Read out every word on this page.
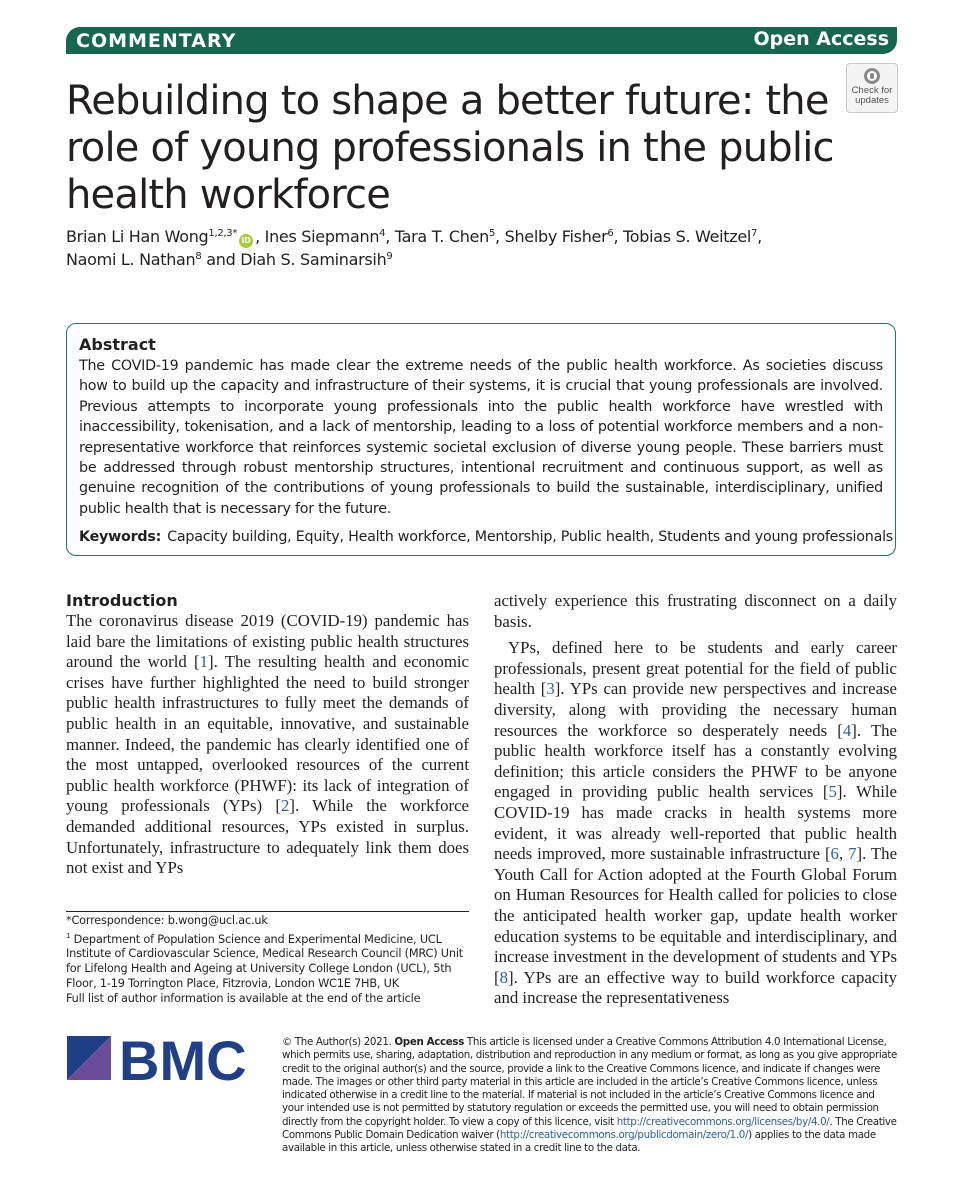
COMMENTARY	Open Access
Check for updates
Rebuilding to shape a better future: the role of young professionals in the public health workforce
Brian Li Han Wong$^{1,2,3*}$iD , Ines Siepmann$^4$, Tara T. Chen$^5$, Shelby Fisher$^6$, Tobias S. Weitzel$^7$,
Naomi L. Nathan$^8$ and Diah S. Saminarsih$^9$
Abstract
The COVID-19 pandemic has made clear the extreme needs of the public health workforce. As societies discuss how to build up the capacity and infrastructure of their systems, it is crucial that young professionals are involved. Previous attempts to incorporate young professionals into the public health workforce have wrestled with inaccessibility, tokenisation, and a lack of mentorship, leading to a loss of potential workforce members and a non-representative workforce that reinforces systemic societal exclusion of diverse young people. These barriers must be addressed through robust mentorship structures, intentional recruitment and continuous support, as well as genuine recognition of the contributions of young professionals to build the sustainable, interdisciplinary, unified public health that is necessary for the future.
Keywords: Capacity building, Equity, Health workforce, Mentorship, Public health, Students and young professionals
Introduction

The coronavirus disease 2019 (COVID-19) pandemic has laid bare the limitations of existing public health structures around the world [1]. The resulting health and economic crises have further highlighted the need to build stronger public health infrastructures to fully meet the demands of public health in an equitable, innovative, and sustainable manner. Indeed, the pandemic has clearly identified one of the most untapped, overlooked resources of the current public health workforce (PHWF): its lack of integration of young professionals (YPs) [2]. While the workforce demanded additional resources, YPs existed in surplus. Unfortunately, infrastructure to adequately link them does not exist and YPs

actively experience this frustrating disconnect on a daily basis.

YPs, defined here to be students and early career professionals, present great potential for the field of public health [3]. YPs can provide new perspectives and increase diversity, along with providing the necessary human resources the workforce so desperately needs [4]. The public health workforce itself has a constantly evolving definition; this article considers the PHWF to be anyone engaged in providing public health services [5]. While COVID-19 has made cracks in health systems more evident, it was already well-reported that public health needs improved, more sustainable infrastructure [6, 7]. The Youth Call for Action adopted at the Fourth Global Forum on Human Resources for Health called for policies to close the anticipated health worker gap, update health worker education systems to be equitable and interdisciplinary, and increase investment in the development of students and YPs [8]. YPs are an effective way to build workforce capacity and increase the representativeness

*Correspondence: b.wong@ucl.ac.uk
$^1$ Department of Population Science and Experimental Medicine, UCL Institute of Cardiovascular Science, Medical Research Council (MRC) Unit for Lifelong Health and Ageing at University College London (UCL), 5th Floor, 1-19 Torrington Place, Fitzrovia, London WC1E 7HB, UK
Full list of author information is available at the end of the article
BMC	© The Author(s) 2021. Open Access This article is licensed under a Creative Commons Attribution 4.0 International License, which permits use, sharing, adaptation, distribution and reproduction in any medium or format, as long as you give appropriate credit to the original author(s) and the source, provide a link to the Creative Commons licence, and indicate if changes were made. The images or other third party material in this article are included in the article’s Creative Commons licence, unless indicated otherwise in a credit line to the material. If material is not included in the article’s Creative Commons licence and your intended use is not permitted by statutory regulation or exceeds the permitted use, you will need to obtain permission directly from the copyright holder. To view a copy of this licence, visit http://creativecommons.org/licenses/by/4.0/. The Creative Commons Public Domain Dedication waiver (http://creativecommons.org/publicdomain/zero/1.0/) applies to the data made available in this article, unless otherwise stated in a credit line to the data.
